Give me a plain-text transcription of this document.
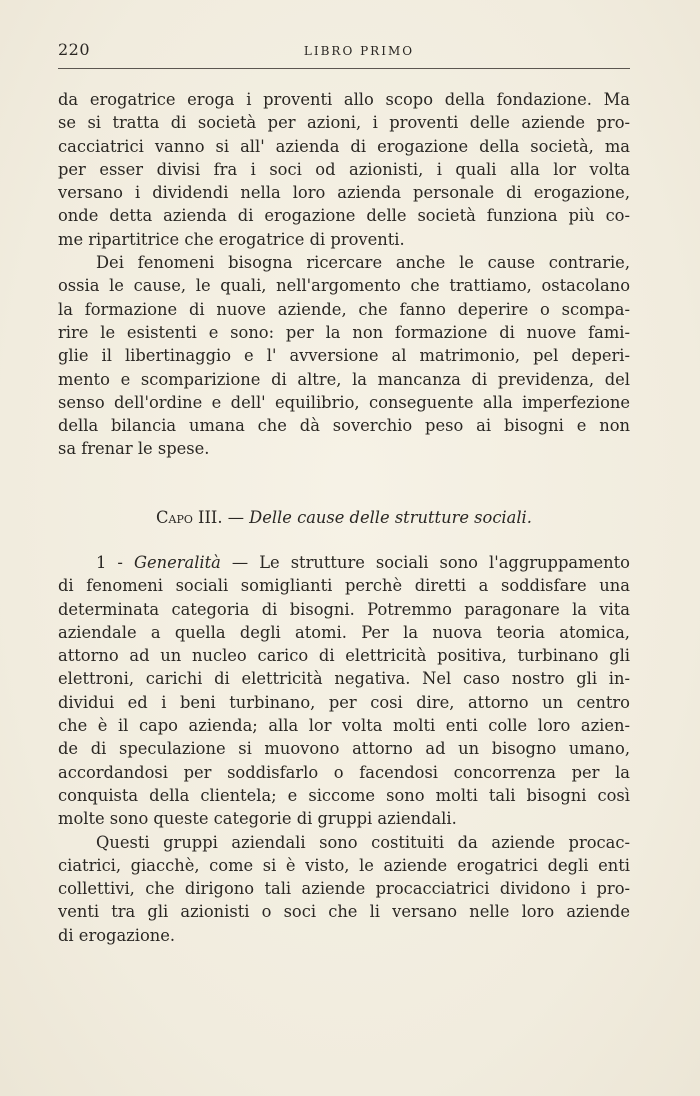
220	LIBRO PRIMO

da erogatrice eroga i proventi allo scopo della fondazione. Ma
se si tratta di società per azioni, i proventi delle aziende pro-
cacciatrici vanno si all' azienda di erogazione della società, ma
per esser divisi fra i soci od azionisti, i quali alla lor volta
versano i dividendi nella loro azienda personale di erogazione,
onde detta azienda di erogazione delle società funziona più co-
me ripartitrice che erogatrice di proventi.

Dei fenomeni bisogna ricercare anche le cause contrarie,
ossia le cause, le quali, nell'argomento che trattiamo, ostacolano
la formazione di nuove aziende, che fanno deperire o scompa-
rire le esistenti e sono: per la non formazione di nuove fami-
glie il libertinaggio e l' avversione al matrimonio, pel deperi-
mento e scomparizione di altre, la mancanza di previdenza, del
senso dell'ordine e dell' equilibrio, conseguente alla imperfezione
della bilancia umana che dà soverchio peso ai bisogni e non
sa frenar le spese.

Capo III. — Delle cause delle strutture sociali.

1 - Generalità — Le strutture sociali sono l'aggruppamento
di fenomeni sociali somiglianti perchè diretti a soddisfare una
determinata categoria di bisogni. Potremmo paragonare la vita
aziendale a quella degli atomi. Per la nuova teoria atomica,
attorno ad un nucleo carico di elettricità positiva, turbinano gli
elettroni, carichi di elettricità negativa. Nel caso nostro gli in-
dividui ed i beni turbinano, per cosi dire, attorno un centro
che è il capo azienda; alla lor volta molti enti colle loro azien-
de di speculazione si muovono attorno ad un bisogno umano,
accordandosi per soddisfarlo o facendosi concorrenza per la
conquista della clientela; e siccome sono molti tali bisogni così
molte sono queste categorie di gruppi aziendali.

Questi gruppi aziendali sono costituiti da aziende procac-
ciatrici, giacchè, come si è visto, le aziende erogatrici degli enti
collettivi, che dirigono tali aziende procacciatrici dividono i pro-
venti tra gli azionisti o soci che li versano nelle loro aziende
di erogazione.
